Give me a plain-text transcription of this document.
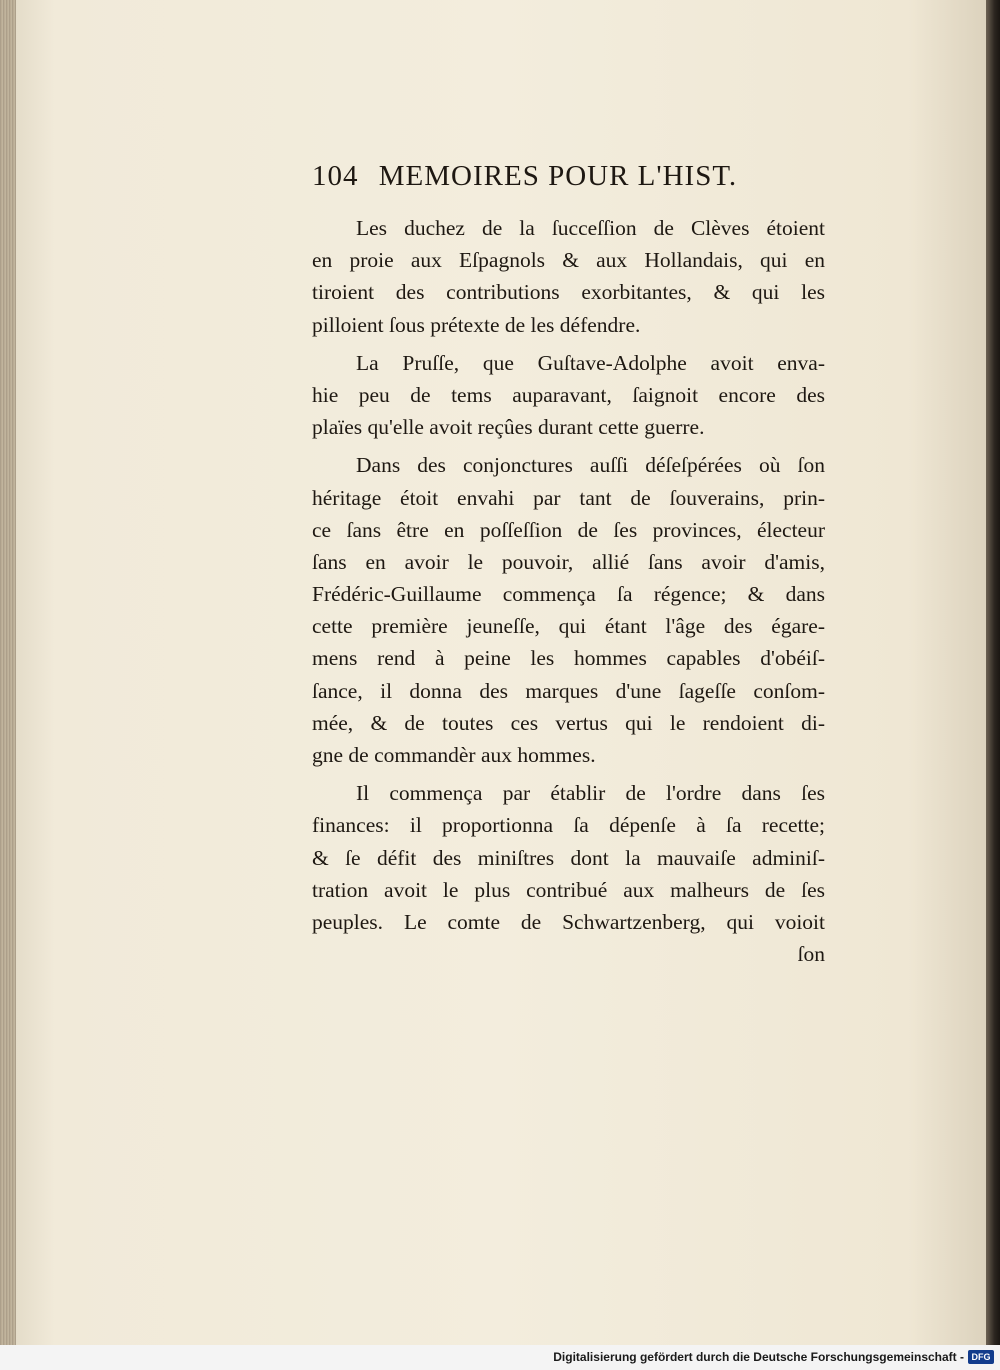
104 MEMOIRES POUR L'HIST.

Les duchez de la ſucceſſion de Clèves étoient
en proie aux Eſpagnols & aux Hollandais, qui en
tiroient des contributions exorbitantes, & qui les
pilloient ſous prétexte de les défendre.

La Pruſſe, que Guſtave-Adolphe avoit enva-
hie peu de tems auparavant, ſaignoit encore des
plaïes qu'elle avoit reçûes durant cette guerre.

Dans des conjonctures auſſi déſeſpérées où ſon
héritage étoit envahi par tant de ſouverains, prin-
ce ſans être en poſſeſſion de ſes provinces, électeur
ſans en avoir le pouvoir, allié ſans avoir d'amis,
Frédéric-Guillaume commença ſa régence; & dans
cette première jeuneſſe, qui étant l'âge des égare-
mens rend à peine les hommes capables d'obéiſ-
ſance, il donna des marques d'une ſageſſe conſom-
mée, & de toutes ces vertus qui le rendoient di-
gne de commandèr aux hommes.

Il commença par établir de l'ordre dans ſes
finances: il proportionna ſa dépenſe à ſa recette;
& ſe défit des miniſtres dont la mauvaiſe adminiſ-
tration avoit le plus contribué aux malheurs de ſes
peuples. Le comte de Schwartzenberg, qui voioit

ſon
Digitalisierung gefördert durch die Deutsche Forschungsgemeinschaft - DFG
